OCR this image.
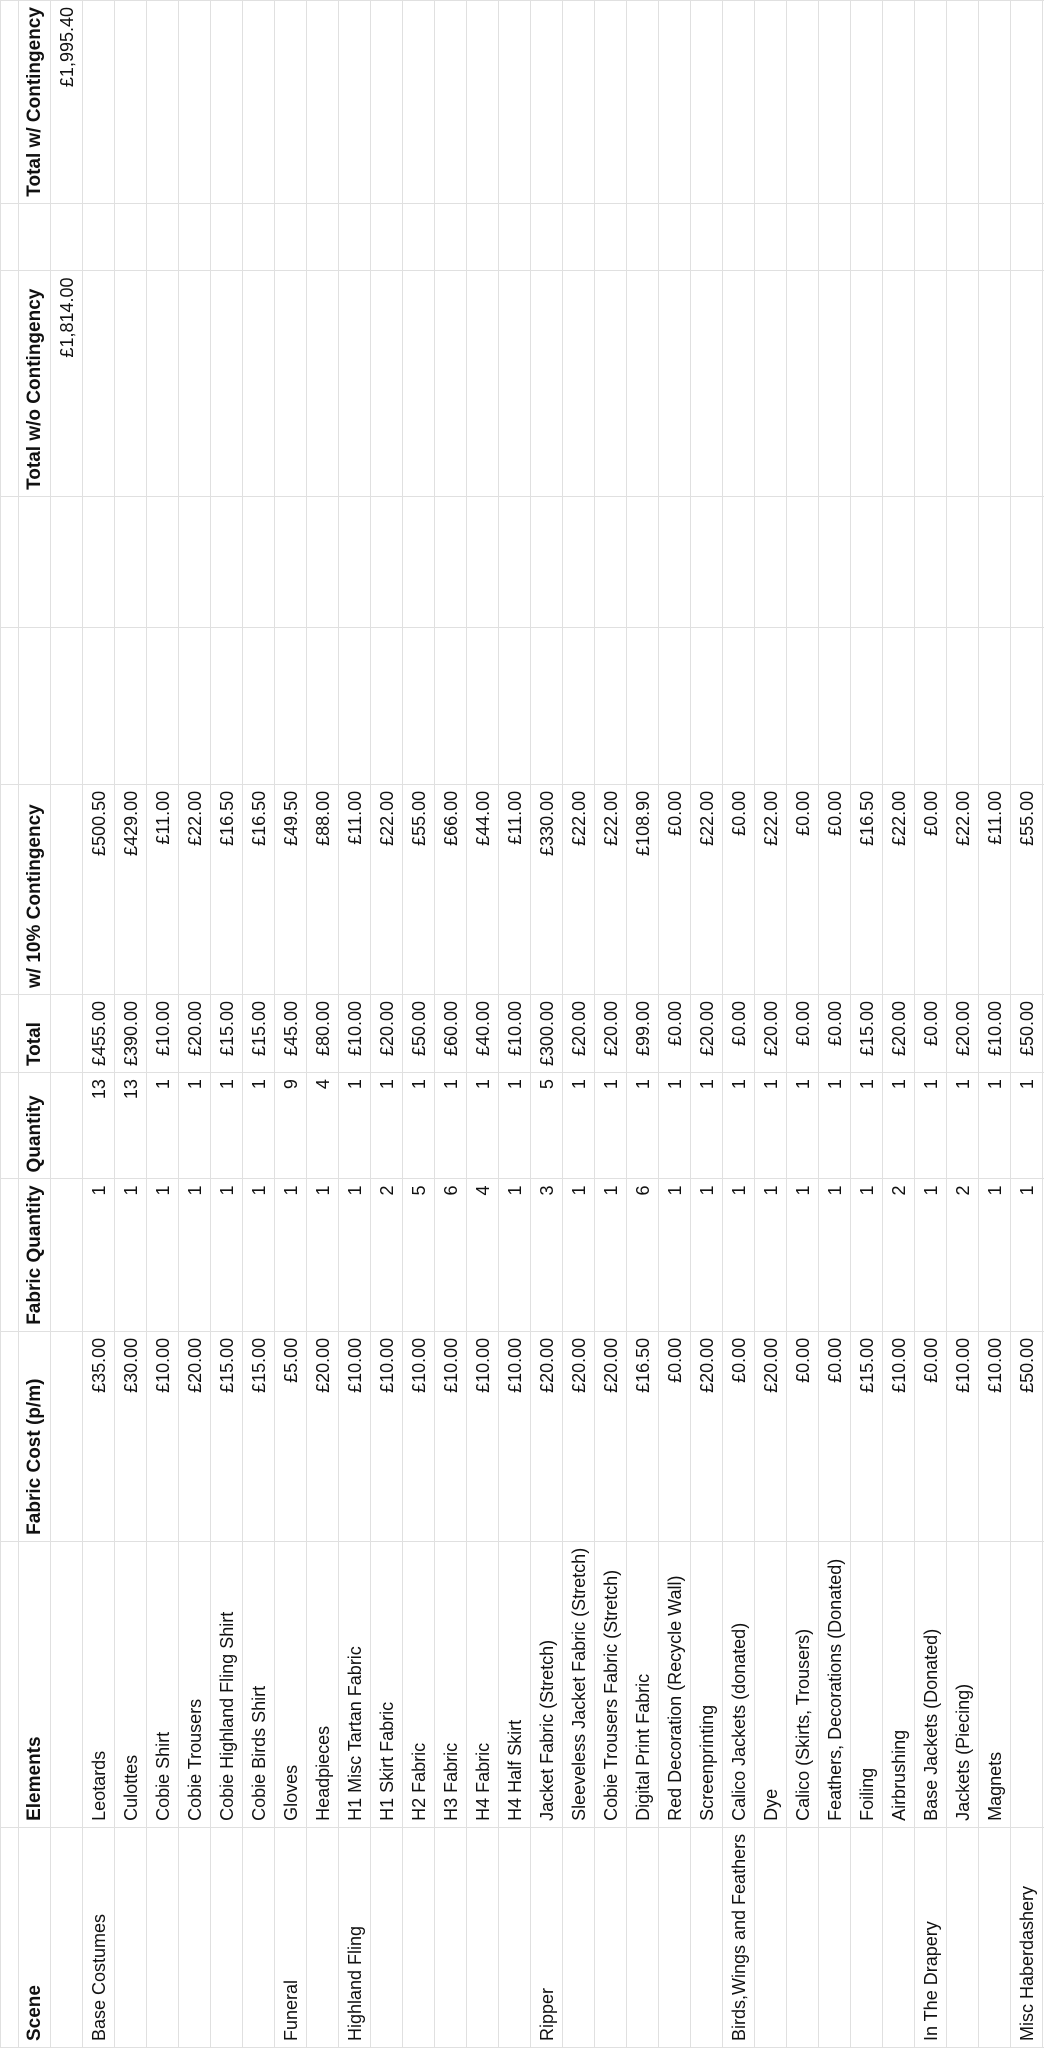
Scene	Elements	Fabric Cost (p/m)	Fabric Quantity	Quantity	Total	w/ 10% Contingency			Total w/o Contingency		Total w/ Contingency
									£1,814.00		£1,995.40
Base Costumes	Leotards	£35.00	1	13	£455.00	£500.50					
	Culottes	£30.00	1	13	£390.00	£429.00					
	Cobie Shirt	£10.00	1	1	£10.00	£11.00					
	Cobie Trousers	£20.00	1	1	£20.00	£22.00					
	Cobie Highland Fling Shirt	£15.00	1	1	£15.00	£16.50					
	Cobie Birds Shirt	£15.00	1	1	£15.00	£16.50					
Funeral	Gloves	£5.00	1	9	£45.00	£49.50					
	Headpieces	£20.00	1	4	£80.00	£88.00					
Highland Fling	H1 Misc Tartan Fabric	£10.00	1	1	£10.00	£11.00					
	H1 Skirt Fabric	£10.00	2	1	£20.00	£22.00					
	H2 Fabric	£10.00	5	1	£50.00	£55.00					
	H3 Fabric	£10.00	6	1	£60.00	£66.00					
	H4 Fabric	£10.00	4	1	£40.00	£44.00					
	H4 Half Skirt	£10.00	1	1	£10.00	£11.00					
Ripper	Jacket Fabric (Stretch)	£20.00	3	5	£300.00	£330.00					
	Sleeveless Jacket Fabric (Stretch)	£20.00	1	1	£20.00	£22.00					
	Cobie Trousers Fabric (Stretch)	£20.00	1	1	£20.00	£22.00					
	Digital Print Fabric	£16.50	6	1	£99.00	£108.90					
	Red Decoration (Recycle Wall)	£0.00	1	1	£0.00	£0.00					
	Screenprinting	£20.00	1	1	£20.00	£22.00					
Birds,Wings and Feathers	Calico Jackets (donated)	£0.00	1	1	£0.00	£0.00					
	Dye	£20.00	1	1	£20.00	£22.00					
	Calico (Skirts, Trousers)	£0.00	1	1	£0.00	£0.00					
	Feathers, Decorations (Donated)	£0.00	1	1	£0.00	£0.00					
	Foiling	£15.00	1	1	£15.00	£16.50					
	Airbrushing	£10.00	2	1	£20.00	£22.00					
In The Drapery	Base Jackets (Donated)	£0.00	1	1	£0.00	£0.00					
	Jackets (Piecing)	£10.00	2	1	£20.00	£22.00					
	Magnets	£10.00	1	1	£10.00	£11.00					
Misc Haberdashery		£50.00	1	1	£50.00	£55.00					
